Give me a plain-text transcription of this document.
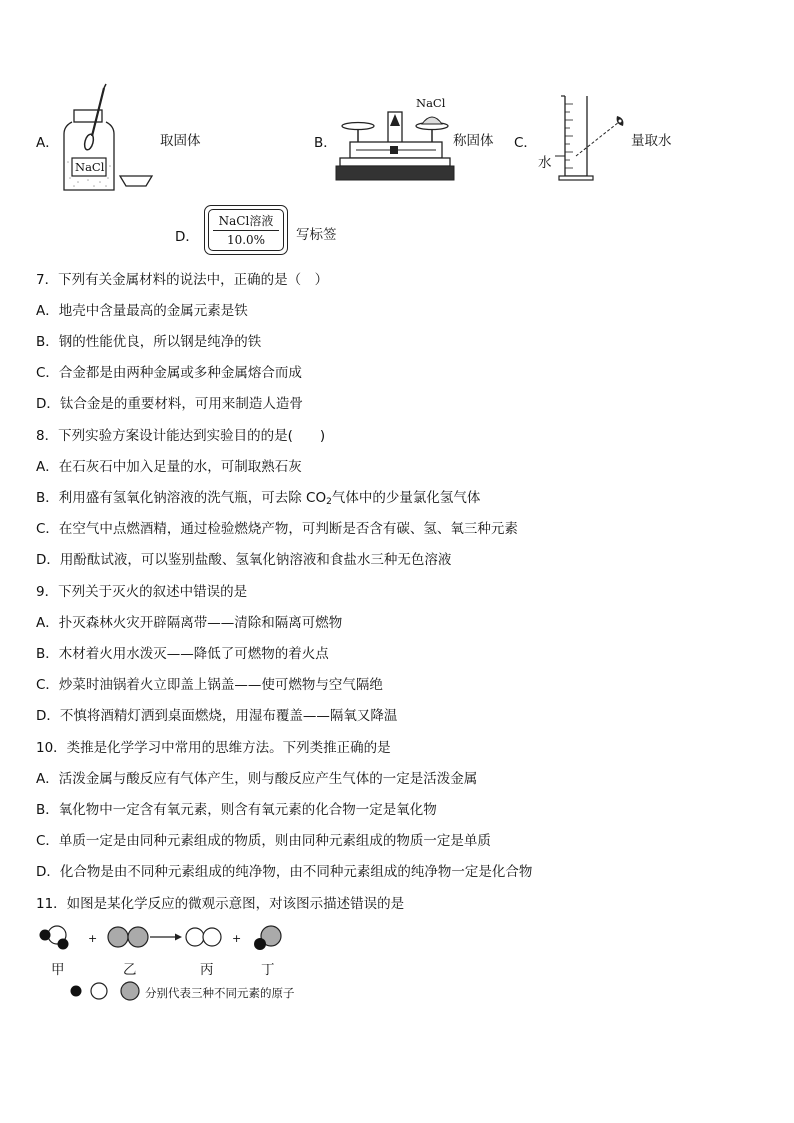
A．
NaCl
取固体	B．
NaCl
称固体 C．
水
量取水
D．
NaCl溶液
10.0%	写标签
7．下列有关金属材料的说法中，正确的是（　）
A．地壳中含量最高的金属元素是铁
B．钢的性能优良，所以钢是纯净的铁
C．合金都是由两种金属或多种金属熔合而成
D．钛合金是的重要材料，可用来制造人造骨
8．下列实验方案设计能达到实验目的的是(　　)
A．在石灰石中加入足量的水，可制取熟石灰
B．利用盛有氢氧化钠溶液的洗气瓶，可去除 $CO_2$气体中的少量氯化氢气体
C．在空气中点燃酒精，通过检验燃烧产物，可判断是否含有碳、氢、氧三种元素
D．用酚酞试液，可以鉴别盐酸、氢氧化钠溶液和食盐水三种无色溶液
9．下列关于灭火的叙述中错误的是
A．扑灭森林火灾开辟隔离带——清除和隔离可燃物
B．木材着火用水泼灭——降低了可燃物的着火点
C．炒菜时油锅着火立即盖上锅盖——使可燃物与空气隔绝
D．不慎将酒精灯洒到桌面燃烧，用湿布覆盖——隔氧又降温
10．类推是化学学习中常用的思维方法。下列类推正确的是
A．活泼金属与酸反应有气体产生，则与酸反应产生气体的一定是活泼金属
B．氧化物中一定含有氧元素，则含有氧元素的化合物一定是氧化物
C．单质一定是由同种元素组成的物质，则由同种元素组成的物质一定是单质
D．化合物是由不同种元素组成的纯净物，由不同种元素组成的纯净物一定是化合物
11．如图是某化学反应的微观示意图，对该图示描述错误的是
+	+
甲	乙	丙	丁
分别代表三种不同元素的原子
